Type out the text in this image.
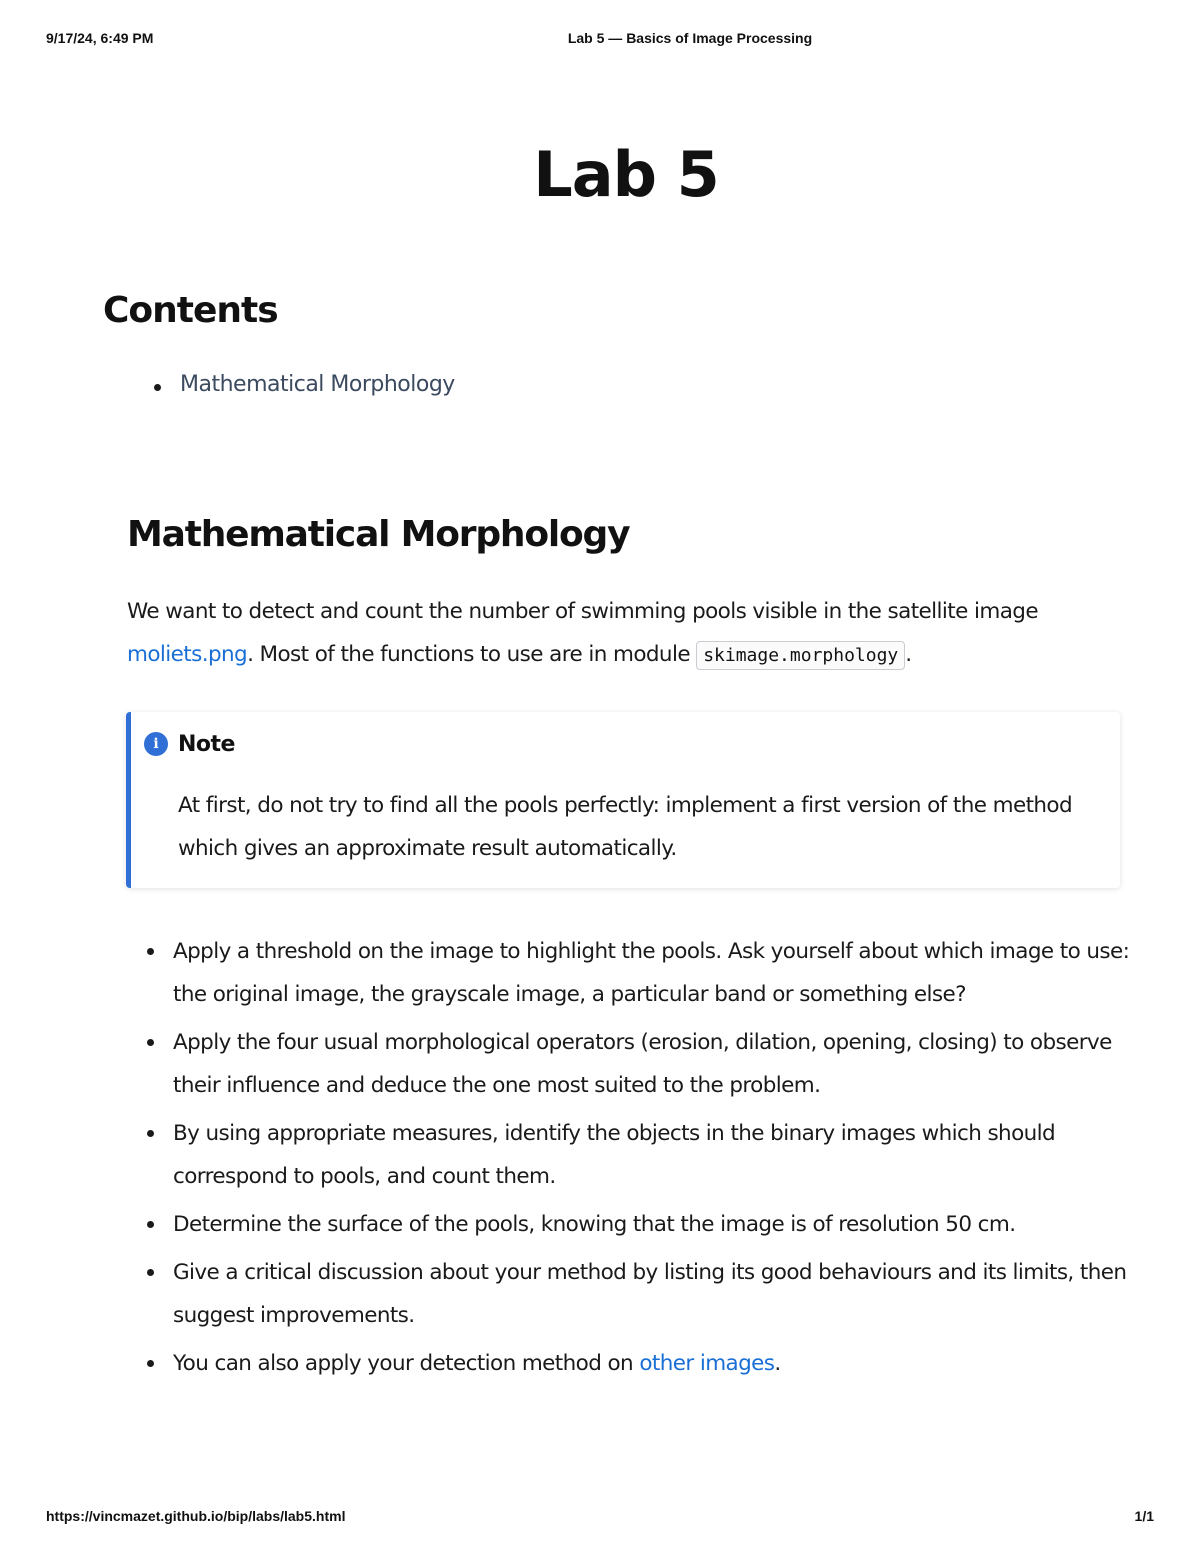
9/17/24, 6:49 PM	Lab 5 — Basics of Image Processing
Lab 5
Contents
Mathematical Morphology
Mathematical Morphology

We want to detect and count the number of swimming pools visible in the satellite image
moliets.png. Most of the functions to use are in module skimage.morphology .

i Note

At first, do not try to find all the pools perfectly: implement a first version of the method which gives an approximate result automatically.

Apply a threshold on the image to highlight the pools. Ask yourself about which image to use: the original image, the grayscale image, a particular band or something else?
Apply the four usual morphological operators (erosion, dilation, opening, closing) to observe their influence and deduce the one most suited to the problem.
By using appropriate measures, identify the objects in the binary images which should correspond to pools, and count them.
Determine the surface of the pools, knowing that the image is of resolution 50 cm.
Give a critical discussion about your method by listing its good behaviours and its limits, then suggest improvements.
You can also apply your detection method on other images.
https://vincmazet.github.io/bip/labs/lab5.html	1/1
